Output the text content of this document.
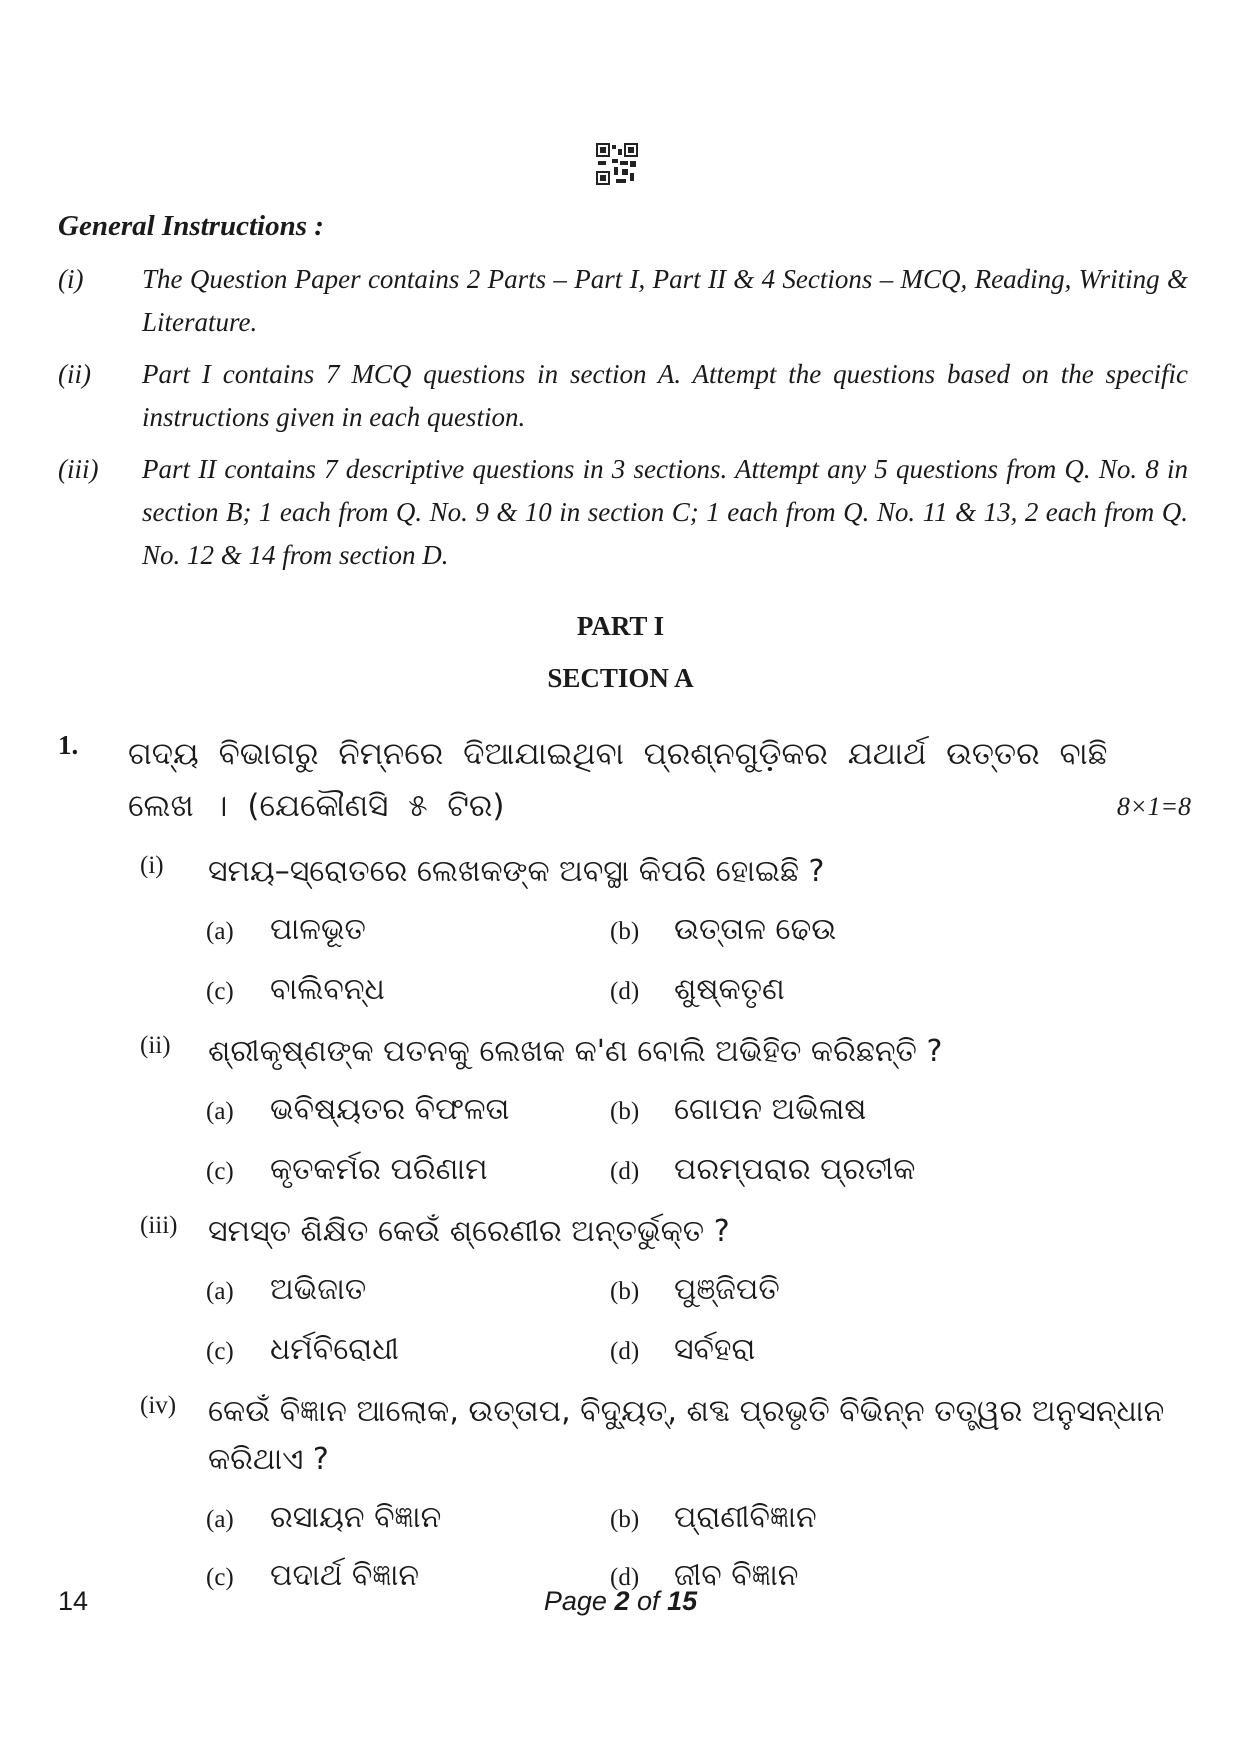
General Instructions :
(i) The Question Paper contains 2 Parts – Part I, Part II & 4 Sections – MCQ, Reading, Writing & Literature.
(ii) Part I contains 7 MCQ questions in section A. Attempt the questions based on the specific instructions given in each question.
(iii) Part II contains 7 descriptive questions in 3 sections. Attempt any 5 questions from Q. No. 8 in section B; 1 each from Q. No. 9 & 10 in section C; 1 each from Q. No. 11 & 13, 2 each from Q. No. 12 & 14 from section D.
PART I
SECTION A
1. ଗଦ୍ୟ ବିଭାଗରୁ ନିମ୍ନରେ ଦିଆଯାଇଥିବା ପ୍ରଶ୍ନଗୁଡ଼ିକର ଯଥାର୍ଥ ଉତ୍ତର ବାଛି ଲେଖ । (ଯେକୌଣସି ୫ ଟିର)	8×1=8
(i) ସମୟ–ସ୍ରୋତରେ ଲେଖକଙ୍କ ଅବସ୍ଥା କିପରି ହୋଇଛି ?
(a) ପାଳଭୂତ	(b) ଉତ୍ତାଳ ଢେଉ
(c) ବାଲିବନ୍ଧ	(d) ଶୁଷ୍କତୃଣ
(ii) ଶ୍ରୀକୃଷ୍ଣଙ୍କ ପତନକୁ ଲେଖକ କ'ଣ ବୋଲି ଅଭିହିତ କରିଛନ୍ତି ?
(a) ଭବିଷ୍ୟତର ବିଫଳତା	(b) ଗୋପନ ଅଭିଳାଷ
(c) କୃତକର୍ମର ପରିଣାମ	(d) ପରମ୍ପରାର ପ୍ରତୀକ
(iii) ସମସ୍ତ ଶିକ୍ଷିତ କେଉଁ ଶ୍ରେଣୀର ଅନ୍ତର୍ଭୁକ୍ତ ?
(a) ଅଭିଜାତ	(b) ପୁଞ୍ଜିପତି
(c) ଧର୍ମବିରୋଧୀ	(d) ସର୍ବହରା
(iv) କେଉଁ ବିଜ୍ଞାନ ଆଲୋକ, ଉତ୍ତାପ, ବିଦ୍ୟୁତ୍, ଶବ୍ଦ ପ୍ରଭୃତି ବିଭିନ୍ନ ତତ୍ତ୍ୱର ଅନୁସନ୍ଧାନ କରିଥାଏ ?
(a) ରସାୟନ ବିଜ୍ଞାନ	(b) ପ୍ରାଣୀବିଜ୍ଞାନ
(c) ପଦାର୍ଥ ବିଜ୍ଞାନ	(d) ଜୀବ ବିଜ୍ଞାନ
14	Page 2 of 15
